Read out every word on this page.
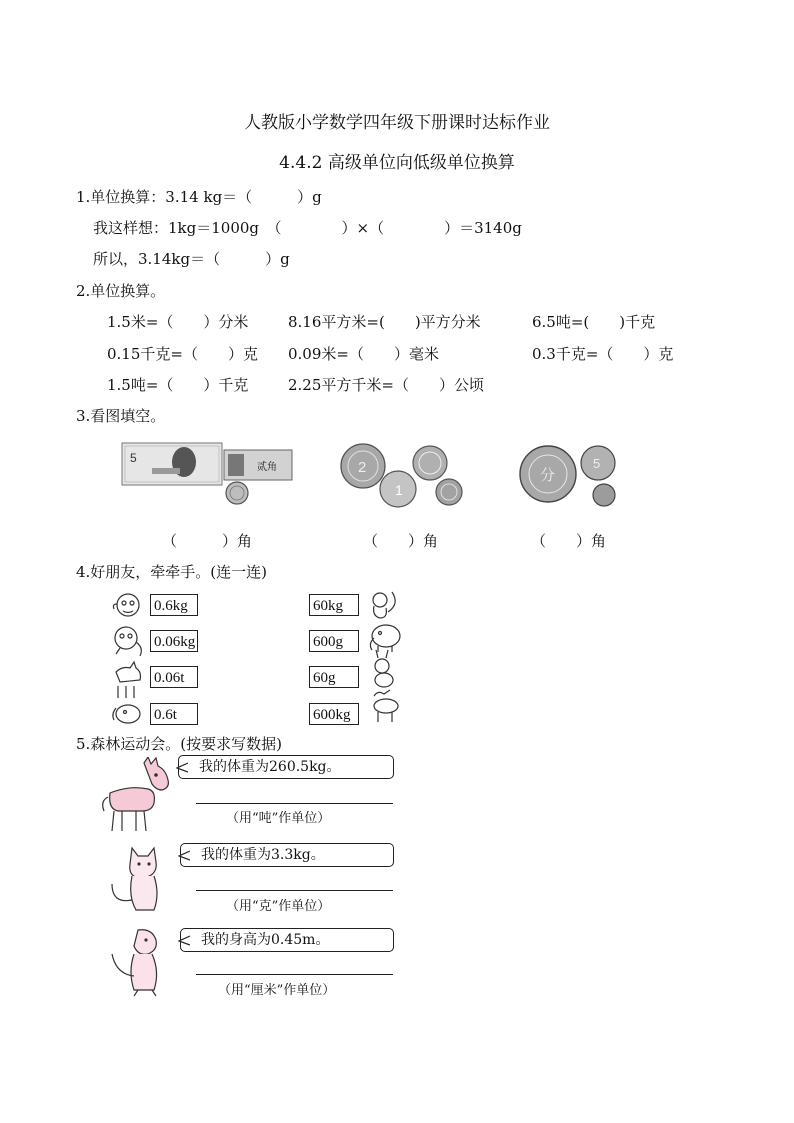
人教版小学数学四年级下册课时达标作业
4.4.2 高级单位向低级单位换算
1.单位换算：3.14 kg＝（　　　）g
我这样想：1kg＝1000g　（　　　　）×（　　　　）＝3140g
所以，3.14kg＝（　　　）g
2.单位换算。
1.5米=（　　）分米	8.16平方米=(　　)平方分米	6.5吨=(　　)千克
0.15千克=（　　）克 0.09米=（　　）毫米	0.3千克=（　　）克
1.5吨=（　　）千克	2.25平方千米=（　　）公顷
3.看图填空。
5
贰角	2
1
分
5
（　　　）角	（　　）角	（　　）角
4.好朋友，牵牵手。(连一连)
0.6kg
0.06kg
0.06t
0.6t
60kg
600g
60g
600kg
5.森林运动会。(按要求写数据)
我的体重为260.5kg。
（用“吨”作单位）
我的体重为3.3kg。
（用“克”作单位）
我的身高为0.45m。
（用“厘米”作单位）
